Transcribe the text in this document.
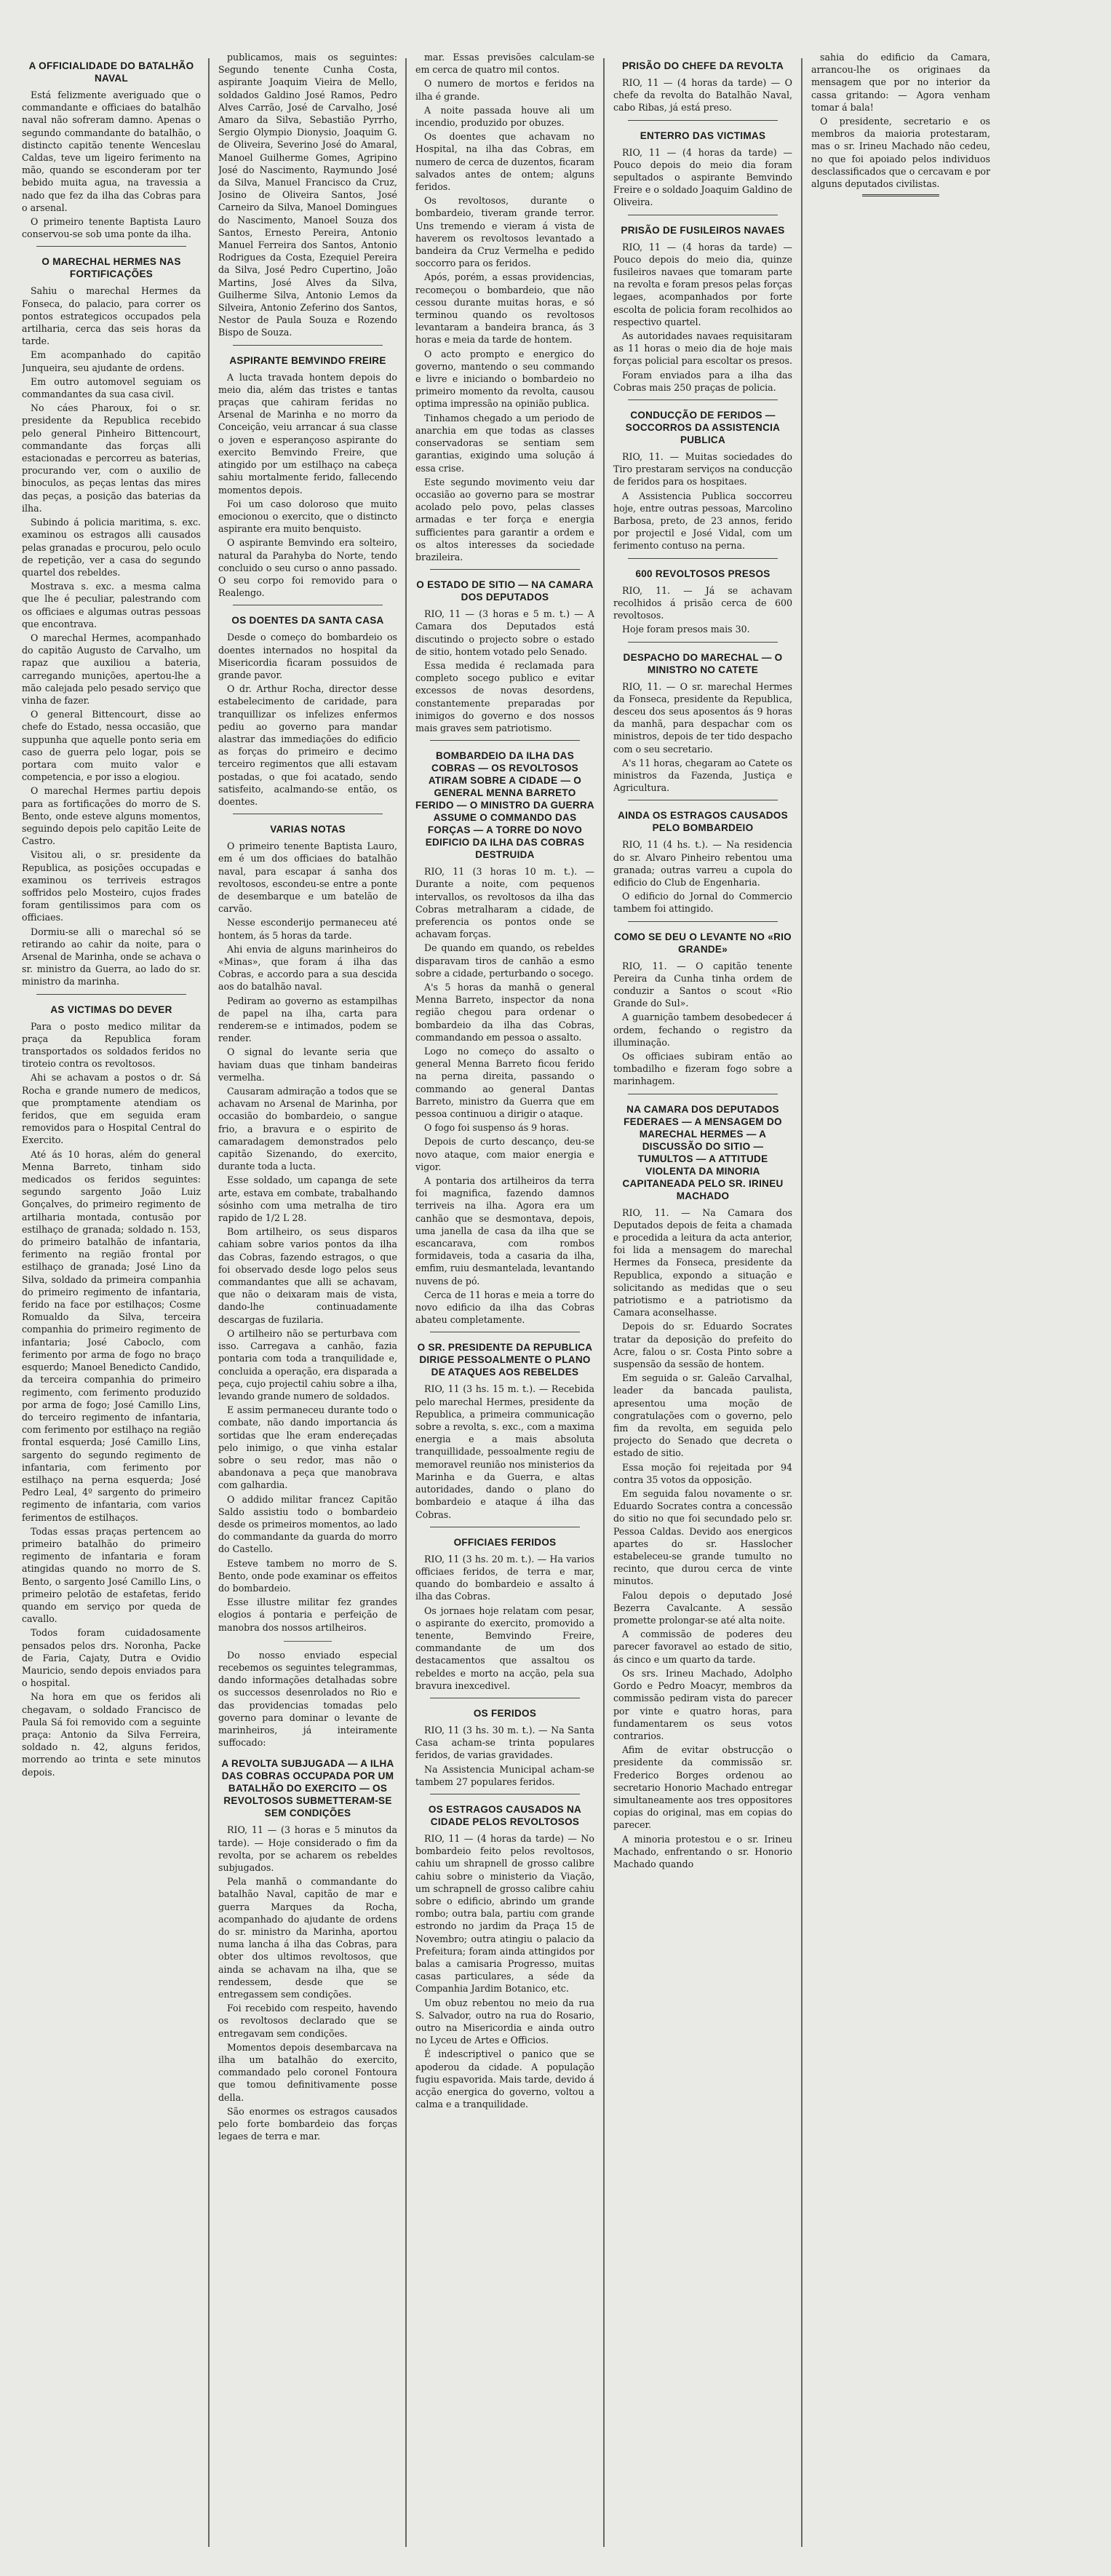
A OFFICIALIDADE DO BATALHÃO NAVAL

Está felizmente averiguado que o commandante e officiaes do batalhão naval não sofreram damno. Apenas o segundo commandante do batalhão, o distincto capitão tenente Wenceslau Caldas, teve um ligeiro ferimento na mão, quando se esconderam por ter bebido muita agua, na travessia a nado que fez da ilha das Cobras para o arsenal.

O primeiro tenente Baptista Lauro conservou-se sob uma ponte da ilha.

O MARECHAL HERMES NAS FORTIFICAÇÕES

Sahiu o marechal Hermes da Fonseca, do palacio, para correr os pontos estrategicos occupados pela artilharia, cerca das seis horas da tarde.

Em acompanhado do capitão Junqueira, seu ajudante de ordens.

Em outro automovel seguiam os commandantes da sua casa civil.

No cáes Pharoux, foi o sr. presidente da Republica recebido pelo general Pinheiro Bittencourt, commandante das forças alli estacionadas e percorreu as baterias, procurando ver, com o auxilio de binoculos, as peças lentas das mires das peças, a posição das baterias da ilha.

Subindo á policia maritima, s. exc. examinou os estragos alli causados pelas granadas e procurou, pelo oculo de repetição, ver a casa do segundo quartel dos rebeldes.

Mostrava s. exc. a mesma calma que lhe é peculiar, palestrando com os officiaes e algumas outras pessoas que encontrava.

O marechal Hermes, acompanhado do capitão Augusto de Carvalho, um rapaz que auxiliou a bateria, carregando munições, apertou-lhe a mão calejada pelo pesado serviço que vinha de fazer.

O general Bittencourt, disse ao chefe do Estado, nessa occasião, que suppunha que aquelle ponto seria em caso de guerra pelo logar, pois se portara com muito valor e competencia, e por isso a elogiou.

O marechal Hermes partiu depois para as fortificações do morro de S. Bento, onde esteve alguns momentos, seguindo depois pelo capitão Leite de Castro.

Visitou ali, o sr. presidente da Republica, as posições occupadas e examinou os terriveis estragos soffridos pelo Mosteiro, cujos frades foram gentilissimos para com os officiaes.

Dormiu-se alli o marechal só se retirando ao cahir da noite, para o Arsenal de Marinha, onde se achava o sr. ministro da Guerra, ao lado do sr. ministro da marinha.

AS VICTIMAS DO DEVER

Para o posto medico militar da praça da Republica foram transportados os soldados feridos no tiroteio contra os revoltosos.

Ahi se achavam a postos o dr. Sá Rocha e grande numero de medicos, que promptamente atendiam os feridos, que em seguida eram removidos para o Hospital Central do Exercito.

Até ás 10 horas, além do general Menna Barreto, tinham sido medicados os feridos seguintes: segundo sargento João Luiz Gonçalves, do primeiro regimento de artilharia montada, contusão por estilhaço de granada; soldado n. 153, do primeiro batalhão de infantaria, ferimento na região frontal por estilhaço de granada; José Lino da Silva, soldado da primeira companhia do primeiro regimento de infantaria, ferido na face por estilhaços; Cosme Romualdo da Silva, terceira companhia do primeiro regimento de infantaria; José Caboclo, com ferimento por arma de fogo no braço esquerdo; Manoel Benedicto Candido, da terceira companhia do primeiro regimento, com ferimento produzido por arma de fogo; José Camillo Lins, do terceiro regimento de infantaria, com ferimento por estilhaço na região frontal esquerda; José Camillo Lins, sargento do segundo regimento de infantaria, com ferimento por estilhaço na perna esquerda; José Pedro Leal, 4º sargento do primeiro regimento de infantaria, com varios ferimentos de estilhaços.

Todas essas praças pertencem ao primeiro batalhão do primeiro regimento de infantaria e foram atingidas quando no morro de S. Bento, o sargento José Camillo Lins, o primeiro pelotão de estafetas, ferido quando em serviço por queda de cavallo.

Todos foram cuidadosamente pensados pelos drs. Noronha, Packe de Faria, Cajaty, Dutra e Ovidio Mauricio, sendo depois enviados para o hospital.

Na hora em que os feridos ali chegavam, o soldado Francisco de Paula Sá foi removido com a seguinte praça: Antonio da Silva Ferreira, soldado n. 42, alguns feridos, morrendo ao trinta e sete minutos depois.

publicamos, mais os seguintes: Segundo tenente Cunha Costa, aspirante Joaquim Vieira de Mello, soldados Galdino José Ramos, Pedro Alves Carrão, José de Carvalho, José Amaro da Silva, Sebastião Pyrrho, Sergio Olympio Dionysio, Joaquim G. de Oliveira, Severino José do Amaral, Manoel Guilherme Gomes, Agripino José do Nascimento, Raymundo José da Silva, Manuel Francisco da Cruz, Josino de Oliveira Santos, José Carneiro da Silva, Manoel Domingues do Nascimento, Manoel Souza dos Santos, Ernesto Pereira, Antonio Manuel Ferreira dos Santos, Antonio Rodrigues da Costa, Ezequiel Pereira da Silva, José Pedro Cupertino, João Martins, José Alves da Silva, Guilherme Silva, Antonio Lemos da Silveira, Antonio Zeferino dos Santos, Nestor de Paula Souza e Rozendo Bispo de Souza.

ASPIRANTE BEMVINDO FREIRE

A lucta travada hontem depois do meio dia, além das tristes e tantas praças que cahiram feridas no Arsenal de Marinha e no morro da Conceição, veiu arrancar á sua classe o joven e esperançoso aspirante do exercito Bemvindo Freire, que atingido por um estilhaço na cabeça sahiu mortalmente ferido, fallecendo momentos depois.

Foi um caso doloroso que muito emocionou o exercito, que o distincto aspirante era muito benquisto.

O aspirante Bemvindo era solteiro, natural da Parahyba do Norte, tendo concluido o seu curso o anno passado. O seu corpo foi removido para o Realengo.

OS DOENTES DA SANTA CASA

Desde o começo do bombardeio os doentes internados no hospital da Misericordia ficaram possuidos de grande pavor.

O dr. Arthur Rocha, director desse estabelecimento de caridade, para tranquillizar os infelizes enfermos pediu ao governo para mandar alastrar das immediações do edificio as forças do primeiro e decimo terceiro regimentos que alli estavam postadas, o que foi acatado, sendo satisfeito, acalmando-se então, os doentes.

VARIAS NOTAS

O primeiro tenente Baptista Lauro, em é um dos officiaes do batalhão naval, para escapar á sanha dos revoltosos, escondeu-se entre a ponte de desembarque e um batelão de carvão.

Nesse esconderijo permaneceu até hontem, ás 5 horas da tarde.

Ahi envia de alguns marinheiros do «Minas», que foram á ilha das Cobras, e accordo para a sua descida aos do batalhão naval.

Pediram ao governo as estampilhas de papel na ilha, carta para renderem-se e intimados, podem se render.

O signal do levante seria que haviam duas que tinham bandeiras vermelha.

Causaram admiração a todos que se achavam no Arsenal de Marinha, por occasião do bombardeio, o sangue frio, a bravura e o espirito de camaradagem demonstrados pelo capitão Sizenando, do exercito, durante toda a lucta.

Esse soldado, um capanga de sete arte, estava em combate, trabalhando sósinho com uma metralha de tiro rapido de 1/2 L 28.

Bom artilheiro, os seus disparos cahiam sobre varios pontos da ilha das Cobras, fazendo estragos, o que foi observado desde logo pelos seus commandantes que alli se achavam, que não o deixaram mais de vista, dando-lhe continuadamente descargas de fuzilaria.

O artilheiro não se perturbava com isso. Carregava a canhão, fazia pontaria com toda a tranquilidade e, concluida a operação, era disparada a peça, cujo projectil cahiu sobre a ilha, levando grande numero de soldados.

E assim permaneceu durante todo o combate, não dando importancia ás sortidas que lhe eram endereçadas pelo inimigo, o que vinha estalar sobre o seu redor, mas não o abandonava a peça que manobrava com galhardia.

O addido militar francez Capitão Saldo assistiu todo o bombardeio desde os primeiros momentos, ao lado do commandante da guarda do morro do Castello.

Esteve tambem no morro de S. Bento, onde pode examinar os effeitos do bombardeio.

Esse illustre militar fez grandes elogios á pontaria e perfeição de manobra dos nossos artilheiros.

Do nosso enviado especial recebemos os seguintes telegrammas, dando informações detalhadas sobre os successos desenrolados no Rio e das providencias tomadas pelo governo para dominar o levante de marinheiros, já inteiramente suffocado:

A REVOLTA SUBJUGADA — A ILHA DAS COBRAS OCCUPADA POR UM BATALHÃO DO EXERCITO — OS REVOLTOSOS SUBMETTERAM-SE SEM CONDIÇÕES

RIO, 11 — (3 horas e 5 minutos da tarde). — Hoje considerado o fim da revolta, por se acharem os rebeldes subjugados.

Pela manhã o commandante do batalhão Naval, capitão de mar e guerra Marques da Rocha, acompanhado do ajudante de ordens do sr. ministro da Marinha, aportou numa lancha á ilha das Cobras, para obter dos ultimos revoltosos, que ainda se achavam na ilha, que se rendessem, desde que se entregassem sem condições.

Foi recebido com respeito, havendo os revoltosos declarado que se entregavam sem condições.

Momentos depois desembarcava na ilha um batalhão do exercito, commandado pelo coronel Fontoura que tomou definitivamente posse della.

São enormes os estragos causados pelo forte bombardeio das forças legaes de terra e mar.

mar. Essas previsões calculam-se em cerca de quatro mil contos.

O numero de mortos e feridos na ilha é grande.

A noite passada houve ali um incendio, produzido por obuzes.

Os doentes que achavam no Hospital, na ilha das Cobras, em numero de cerca de duzentos, ficaram salvados antes de ontem; alguns feridos.

Os revoltosos, durante o bombardeio, tiveram grande terror. Uns tremendo e vieram á vista de haverem os revoltosos levantado a bandeira da Cruz Vermelha e pedido soccorro para os feridos.

Após, porém, a essas providencias, recomeçou o bombardeio, que não cessou durante muitas horas, e só terminou quando os revoltosos levantaram a bandeira branca, ás 3 horas e meia da tarde de hontem.

O acto prompto e energico do governo, mantendo o seu commando e livre e iniciando o bombardeio no primeiro momento da revolta, causou optima impressão na opinião publica.

Tinhamos chegado a um periodo de anarchia em que todas as classes conservadoras se sentiam sem garantias, exigindo uma solução á essa crise.

Este segundo movimento veiu dar occasião ao governo para se mostrar acolado pelo povo, pelas classes armadas e ter força e energia sufficientes para garantir a ordem e os altos interesses da sociedade brazileira.

O ESTADO DE SITIO — NA CAMARA DOS DEPUTADOS

RIO, 11 — (3 horas e 5 m. t.) — A Camara dos Deputados está discutindo o projecto sobre o estado de sitio, hontem votado pelo Senado.

Essa medida é reclamada para completo socego publico e evitar excessos de novas desordens, constantemente preparadas por inimigos do governo e dos nossos mais graves sem patriotismo.

BOMBARDEIO DA ILHA DAS COBRAS — OS REVOLTOSOS ATIRAM SOBRE A CIDADE — O GENERAL MENNA BARRETO FERIDO — O MINISTRO DA GUERRA ASSUME O COMMANDO DAS FORÇAS — A TORRE DO NOVO EDIFICIO DA ILHA DAS COBRAS DESTRUIDA

RIO, 11 (3 horas 10 m. t.). — Durante a noite, com pequenos intervallos, os revoltosos da ilha das Cobras metralharam a cidade, de preferencia os pontos onde se achavam forças.

De quando em quando, os rebeldes disparavam tiros de canhão a esmo sobre a cidade, perturbando o socego.

A's 5 horas da manhã o general Menna Barreto, inspector da nona região chegou para ordenar o bombardeio da ilha das Cobras, commandando em pessoa o assalto.

Logo no começo do assalto o general Menna Barreto ficou ferido na perna direita, passando o commando ao general Dantas Barreto, ministro da Guerra que em pessoa continuou a dirigir o ataque.

O fogo foi suspenso ás 9 horas.

Depois de curto descanço, deu-se novo ataque, com maior energia e vigor.

A pontaria dos artilheiros da terra foi magnifica, fazendo damnos terriveis na ilha. Agora era um canhão que se desmontava, depois, uma janella de casa da ilha que se escancarava, com rombos formidaveis, toda a casaria da ilha, emfim, ruiu desmantelada, levantando nuvens de pó.

Cerca de 11 horas e meia a torre do novo edificio da ilha das Cobras abateu completamente.

O SR. PRESIDENTE DA REPUBLICA DIRIGE PESSOALMENTE O PLANO DE ATAQUES AOS REBELDES

RIO, 11 (3 hs. 15 m. t.). — Recebida pelo marechal Hermes, presidente da Republica, a primeira communicação sobre a revolta, s. exc., com a maxima energia e a mais absoluta tranquillidade, pessoalmente regiu de memoravel reunião nos ministerios da Marinha e da Guerra, e altas autoridades, dando o plano do bombardeio e ataque á ilha das Cobras.

OFFICIAES FERIDOS

RIO, 11 (3 hs. 20 m. t.). — Ha varios officiaes feridos, de terra e mar, quando do bombardeio e assalto á ilha das Cobras.

Os jornaes hoje relatam com pesar, o aspirante do exercito, promovido a tenente, Bemvindo Freire, commandante de um dos destacamentos que assaltou os rebeldes e morto na acção, pela sua bravura inexcedivel.

OS FERIDOS

RIO, 11 (3 hs. 30 m. t.). — Na Santa Casa acham-se trinta populares feridos, de varias gravidades.

Na Assistencia Municipal acham-se tambem 27 populares feridos.

OS ESTRAGOS CAUSADOS NA CIDADE PELOS REVOLTOSOS

RIO, 11 — (4 horas da tarde) — No bombardeio feito pelos revoltosos, cahiu um shrapnell de grosso calibre cahiu sobre o ministerio da Viação, um schrapnell de grosso calibre cahiu sobre o edificio, abrindo um grande rombo; outra bala, partiu com grande estrondo no jardim da Praça 15 de Novembro; outra atingiu o palacio da Prefeitura; foram ainda attingidos por balas a camisaria Progresso, muitas casas particulares, a séde da Companhia Jardim Botanico, etc.

Um obuz rebentou no meio da rua S. Salvador, outro na rua do Rosario, outro na Misericordia e ainda outro no Lyceu de Artes e Officios.

É indescriptivel o panico que se apoderou da cidade. A população fugiu espavorida. Mais tarde, devido á acção energica do governo, voltou a calma e a tranquilidade.

PRISÃO DO CHEFE DA REVOLTA

RIO, 11 — (4 horas da tarde) — O chefe da revolta do Batalhão Naval, cabo Ribas, já está preso.

ENTERRO DAS VICTIMAS

RIO, 11 — (4 horas da tarde) — Pouco depois do meio dia foram sepultados o aspirante Bemvindo Freire e o soldado Joaquim Galdino de Oliveira.

PRISÃO DE FUSILEIROS NAVAES

RIO, 11 — (4 horas da tarde) — Pouco depois do meio dia, quinze fusileiros navaes que tomaram parte na revolta e foram presos pelas forças legaes, acompanhados por forte escolta de policia foram recolhidos ao respectivo quartel.

As autoridades navaes requisitaram as 11 horas o meio dia de hoje mais forças policial para escoltar os presos.

Foram enviados para a ilha das Cobras mais 250 praças de policia.

CONDUCÇÃO DE FERIDOS — SOCCORROS DA ASSISTENCIA PUBLICA

RIO, 11. — Muitas sociedades do Tiro prestaram serviços na conducção de feridos para os hospitaes.

A Assistencia Publica soccorreu hoje, entre outras pessoas, Marcolino Barbosa, preto, de 23 annos, ferido por projectil e José Vidal, com um ferimento contuso na perna.

600 REVOLTOSOS PRESOS

RIO, 11. — Já se achavam recolhidos á prisão cerca de 600 revoltosos.

Hoje foram presos mais 30.

DESPACHO DO MARECHAL — O MINISTRO NO CATETE

RIO, 11. — O sr. marechal Hermes da Fonseca, presidente da Republica, desceu dos seus aposentos ás 9 horas da manhã, para despachar com os ministros, depois de ter tido despacho com o seu secretario.

A's 11 horas, chegaram ao Catete os ministros da Fazenda, Justiça e Agricultura.

AINDA OS ESTRAGOS CAUSADOS PELO BOMBARDEIO

RIO, 11 (4 hs. t.). — Na residencia do sr. Alvaro Pinheiro rebentou uma granada; outras varreu a cupola do edificio do Club de Engenharia.

O edificio do Jornal do Commercio tambem foi attingido.

COMO SE DEU O LEVANTE NO «RIO GRANDE»

RIO, 11. — O capitão tenente Pereira da Cunha tinha ordem de conduzir a Santos o scout «Rio Grande do Sul».

A guarnição tambem desobedecer á ordem, fechando o registro da illuminação.

Os officiaes subiram então ao tombadilho e fizeram fogo sobre a marinhagem.

NA CAMARA DOS DEPUTADOS FEDERAES — A MENSAGEM DO MARECHAL HERMES — A DISCUSSÃO DO SITIO — TUMULTOS — A ATTITUDE VIOLENTA DA MINORIA CAPITANEADA PELO SR. IRINEU MACHADO

RIO, 11. — Na Camara dos Deputados depois de feita a chamada e procedida a leitura da acta anterior, foi lida a mensagem do marechal Hermes da Fonseca, presidente da Republica, expondo a situação e solicitando as medidas que o seu patriotismo e a patriotismo da Camara aconselhasse.

Depois do sr. Eduardo Socrates tratar da deposição do prefeito do Acre, falou o sr. Costa Pinto sobre a suspensão da sessão de hontem.

Em seguida o sr. Galeão Carvalhal, leader da bancada paulista, apresentou uma moção de congratulações com o governo, pelo fim da revolta, em seguida pelo projecto do Senado que decreta o estado de sitio.

Essa moção foi rejeitada por 94 contra 35 votos da opposição.

Em seguida falou novamente o sr. Eduardo Socrates contra a concessão do sitio no que foi secundado pelo sr. Pessoa Caldas. Devido aos energicos apartes do sr. Hasslocher estabeleceu-se grande tumulto no recinto, que durou cerca de vinte minutos.

Falou depois o deputado José Bezerra Cavalcante. A sessão promette prolongar-se até alta noite.

A commissão de poderes deu parecer favoravel ao estado de sitio, ás cinco e um quarto da tarde.

Os srs. Irineu Machado, Adolpho Gordo e Pedro Moacyr, membros da commissão pediram vista do parecer por vinte e quatro horas, para fundamentarem os seus votos contrarios.

Afim de evitar obstrucção o presidente da commissão sr. Frederico Borges ordenou ao secretario Honorio Machado entregar simultaneamente aos tres oppositores copias do original, mas em copias do parecer.

A minoria protestou e o sr. Irineu Machado, enfrentando o sr. Honorio Machado quando

sahia do edificio da Camara, arrancou-lhe os originaes da mensagem que por no interior da cassa gritando: — Agora venham tomar á bala!

O presidente, secretario e os membros da maioria protestaram, mas o sr. Irineu Machado não cedeu, no que foi apoiado pelos individuos desclassificados que o cercavam e por alguns deputados civilistas.
